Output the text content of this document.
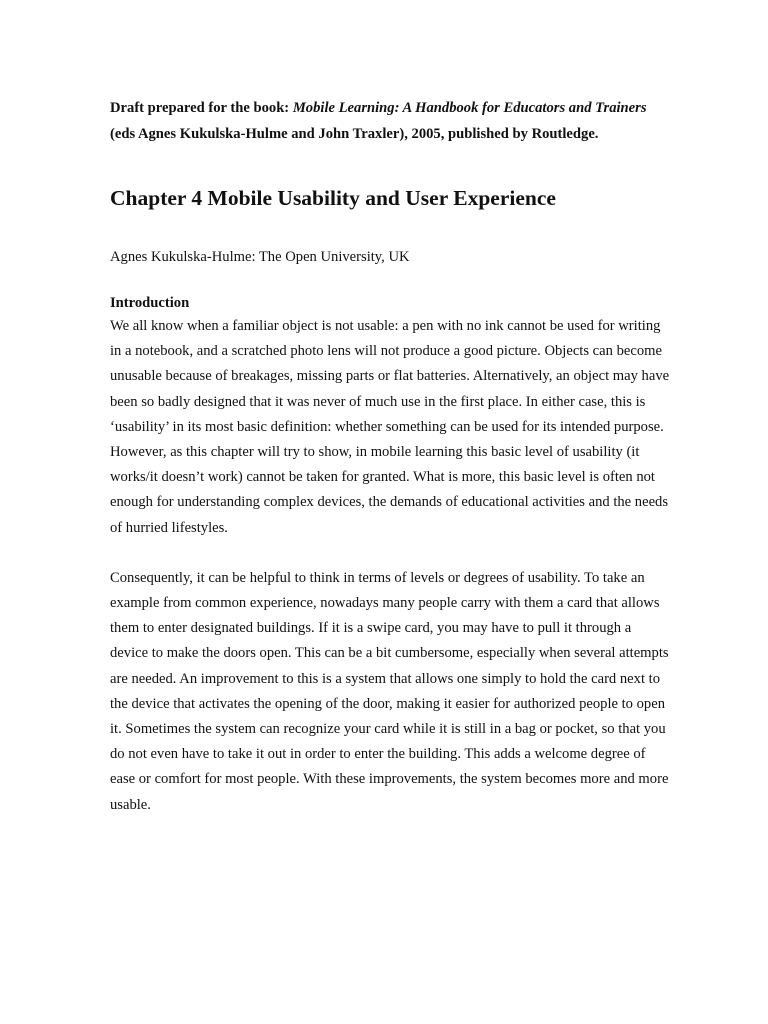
Draft prepared for the book: Mobile Learning: A Handbook for Educators and Trainers (eds Agnes Kukulska-Hulme and John Traxler), 2005, published by Routledge.

Chapter 4 Mobile Usability and User Experience

Agnes Kukulska-Hulme: The Open University, UK

Introduction

We all know when a familiar object is not usable: a pen with no ink cannot be used for writing in a notebook, and a scratched photo lens will not produce a good picture. Objects can become unusable because of breakages, missing parts or flat batteries. Alternatively, an object may have been so badly designed that it was never of much use in the first place. In either case, this is ‘usability’ in its most basic definition: whether something can be used for its intended purpose. However, as this chapter will try to show, in mobile learning this basic level of usability (it works/it doesn’t work) cannot be taken for granted. What is more, this basic level is often not enough for understanding complex devices, the demands of educational activities and the needs of hurried lifestyles.

Consequently, it can be helpful to think in terms of levels or degrees of usability. To take an example from common experience, nowadays many people carry with them a card that allows them to enter designated buildings. If it is a swipe card, you may have to pull it through a device to make the doors open. This can be a bit cumbersome, especially when several attempts are needed. An improvement to this is a system that allows one simply to hold the card next to the device that activates the opening of the door, making it easier for authorized people to open it. Sometimes the system can recognize your card while it is still in a bag or pocket, so that you do not even have to take it out in order to enter the building. This adds a welcome degree of ease or comfort for most people. With these improvements, the system becomes more and more usable.
